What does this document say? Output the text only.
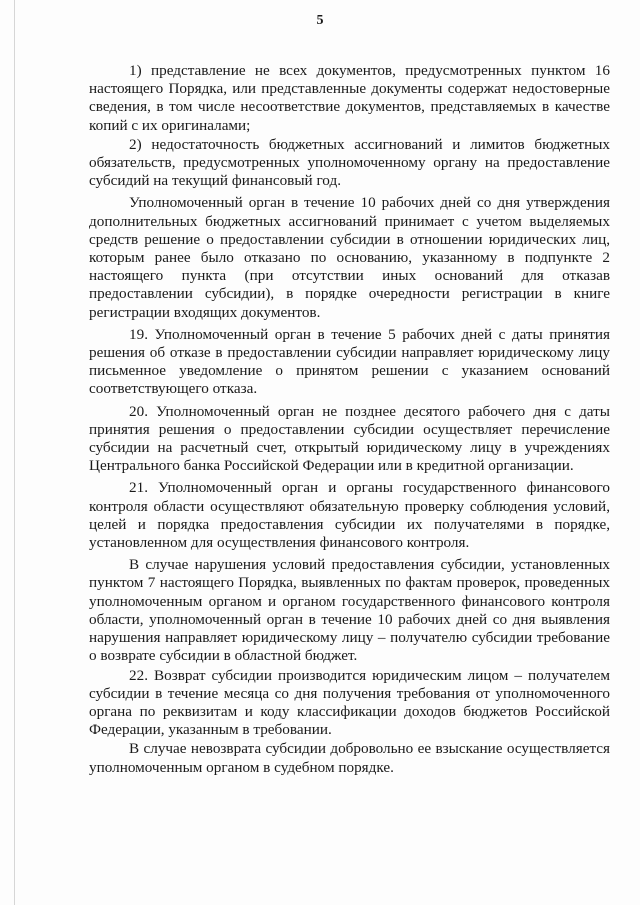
5

1) представление не всех документов, предусмотренных пунктом 16 настоящего Порядка, или представленные документы содержат недостоверные сведения, в том числе несоответствие документов, представляемых в качестве копий с их оригиналами;

2) недостаточность бюджетных ассигнований и лимитов бюджетных обязательств, предусмотренных уполномоченному органу на предоставление субсидий на текущий финансовый год.

Уполномоченный орган в течение 10 рабочих дней со дня утверждения дополнительных бюджетных ассигнований принимает с учетом выделяемых средств решение о предоставлении субсидии в отношении юридических лиц, которым ранее было отказано по основанию, указанному в подпункте 2 настоящего пункта (при отсутствии иных оснований для отказав предоставлении субсидии), в порядке очередности регистрации в книге регистрации входящих документов.

19. Уполномоченный орган в течение 5 рабочих дней с даты принятия решения об отказе в предоставлении субсидии направляет юридическому лицу письменное уведомление о принятом решении с указанием оснований соответствующего отказа.

20. Уполномоченный орган не позднее десятого рабочего дня с даты принятия решения о предоставлении субсидии осуществляет перечисление субсидии на расчетный счет, открытый юридическому лицу в учреждениях Центрального банка Российской Федерации или в кредитной организации.

21. Уполномоченный орган и органы государственного финансового контроля области осуществляют обязательную проверку соблюдения условий, целей и порядка предоставления субсидии их получателями в порядке, установленном для осуществления финансового контроля.

В случае нарушения условий предоставления субсидии, установленных пунктом 7 настоящего Порядка, выявленных по фактам проверок, проведенных уполномоченным органом и органом государственного финансового контроля области, уполномоченный орган в течение 10 рабочих дней со дня выявления нарушения направляет юридическому лицу – получателю субсидии требование о возврате субсидии в областной бюджет.

22. Возврат субсидии производится юридическим лицом – получателем субсидии в течение месяца со дня получения требования от уполномоченного органа по реквизитам и коду классификации доходов бюджетов Российской Федерации, указанным в требовании.

В случае невозврата субсидии добровольно ее взыскание осуществляется уполномоченным органом в судебном порядке.
